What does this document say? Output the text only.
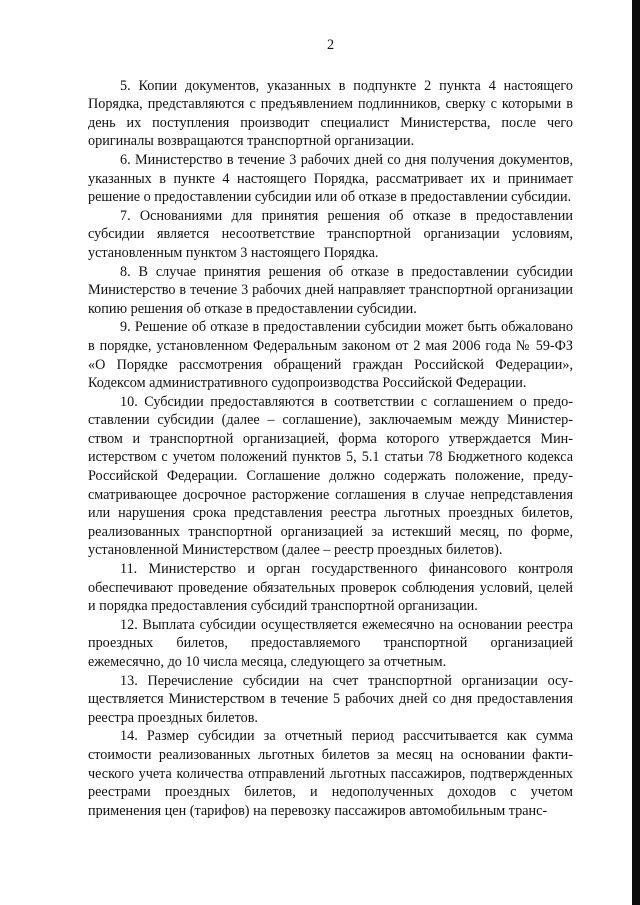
2

5. Копии документов, указанных в подпункте 2 пункта 4 настоящего Порядка, представляются с предъявлением подлинников, сверку с которыми в день их поступления производит специалист Министерства, после чего оригиналы возвращаются транспортной организации.

6. Министерство в течение 3 рабочих дней со дня получения документов, указанных в пункте 4 настоящего Порядка, рассматривает их и принимает решение о предоставлении субсидии или об отказе в предоставлении субсидии.

7. Основаниями для принятия решения об отказе в предоставлении субсидии является несоответствие транспортной организации условиям, установленным пунктом 3 настоящего Порядка.

8. В случае принятия решения об отказе в предоставлении субсидии Министерство в течение 3 рабочих дней направляет транспортной организации копию решения об отказе в предоставлении субсидии.

9. Решение об отказе в предоставлении субсидии может быть обжаловано в порядке, установленном Федеральным законом от 2 мая 2006 года № 59-ФЗ «О Порядке рассмотрения обращений граждан Российской Федерации», Кодексом административного судопроизводства Российской Федерации.

10. Субсидии предоставляются в соответствии с соглашением о предоставлении субсидии (далее – соглашение), заключаемым между Министерством и транспортной организацией, форма которого утверждается Министерством с учетом положений пунктов 5, 5.1 статьи 78 Бюджетного кодекса Российской Федерации. Соглашение должно содержать положение, предусматривающее досрочное расторжение соглашения в случае непредставления или нарушения срока представления реестра льготных проездных билетов, реализованных транспортной организацией за истекший месяц, по форме, установленной Министерством (далее – реестр проездных билетов).

11. Министерство и орган государственного финансового контроля обеспечивают проведение обязательных проверок соблюдения условий, целей и порядка предоставления субсидий транспортной организации.

12. Выплата субсидии осуществляется ежемесячно на основании реестра проездных билетов, предоставляемого транспортной организацией ежемесячно, до 10 числа месяца, следующего за отчетным.

13. Перечисление субсидии на счет транспортной организации осуществляется Министерством в течение 5 рабочих дней со дня предоставления реестра проездных билетов.

14. Размер субсидии за отчетный период рассчитывается как сумма стоимости реализованных льготных билетов за месяц на основании фактического учета количества отправлений льготных пассажиров, подтвержденных реестрами проездных билетов, и недополученных доходов с учетом применения цен (тарифов) на перевозку пассажиров автомобильным транс-
